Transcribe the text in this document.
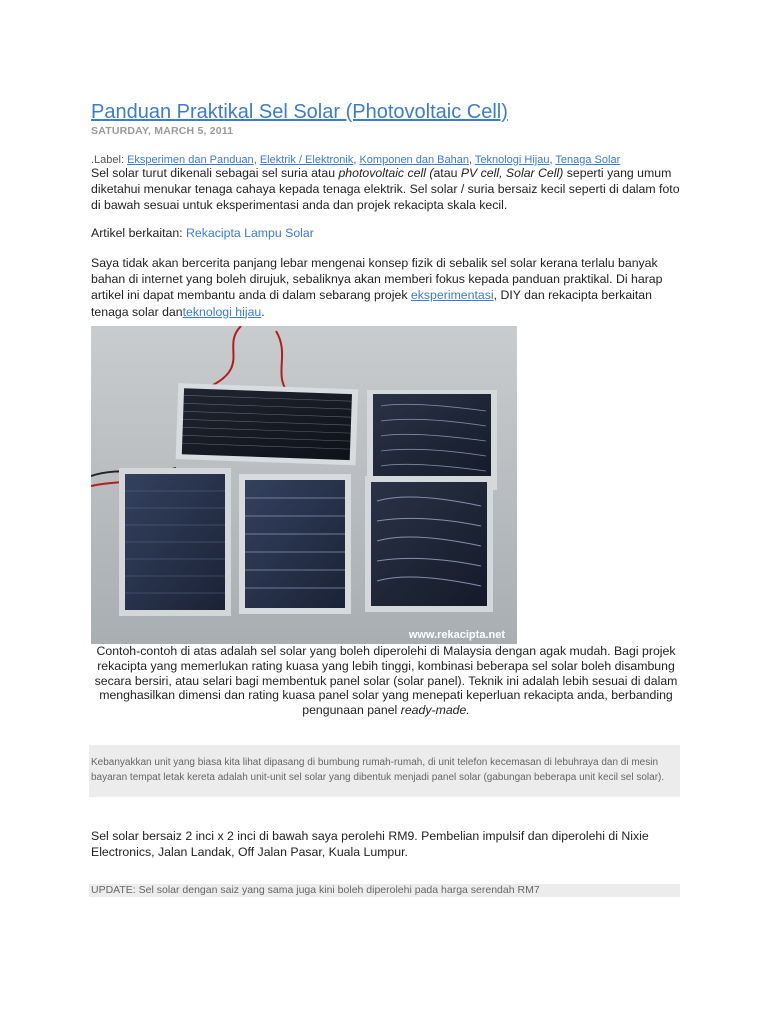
Panduan Praktikal Sel Solar (Photovoltaic Cell)
SATURDAY, MARCH 5, 2011
.Label: Eksperimen dan Panduan, Elektrik / Elektronik, Komponen dan Bahan, Teknologi Hijau, Tenaga Solar

Sel solar turut dikenali sebagai sel suria atau photovoltaic cell (atau PV cell, Solar Cell) seperti yang umum diketahui menukar tenaga cahaya kepada tenaga elektrik. Sel solar / suria bersaiz kecil seperti di dalam foto di bawah sesuai untuk eksperimentasi anda dan projek rekacipta skala kecil.

Artikel berkaitan: Rekacipta Lampu Solar

Saya tidak akan bercerita panjang lebar mengenai konsep fizik di sebalik sel solar kerana terlalu banyak bahan di internet yang boleh dirujuk, sebaliknya akan memberi fokus kepada panduan praktikal. Di harap artikel ini dapat membantu anda di dalam sebarang projek eksperimentasi, DIY dan rekacipta berkaitan tenaga solar danteknologi hijau.

www.rekacipta.net

Contoh-contoh di atas adalah sel solar yang boleh diperolehi di Malaysia dengan agak mudah. Bagi projek rekacipta yang memerlukan rating kuasa yang lebih tinggi, kombinasi beberapa sel solar boleh disambung secara bersiri, atau selari bagi membentuk panel solar (solar panel). Teknik ini adalah lebih sesuai di dalam menghasilkan dimensi dan rating kuasa panel solar yang menepati keperluan rekacipta anda, berbanding pengunaan panel ready-made.

Kebanyakkan unit yang biasa kita lihat dipasang di bumbung rumah-rumah, di unit telefon kecemasan di lebuhraya dan di mesin bayaran tempat letak kereta adalah unit-unit sel solar yang dibentuk menjadi panel solar (gabungan beberapa unit kecil sel solar).

Sel solar bersaiz 2 inci x 2 inci di bawah saya perolehi RM9. Pembelian impulsif dan diperolehi di Nixie Electronics, Jalan Landak, Off Jalan Pasar, Kuala Lumpur.

UPDATE: Sel solar dengan saiz yang sama juga kini boleh diperolehi pada harga serendah RM7
